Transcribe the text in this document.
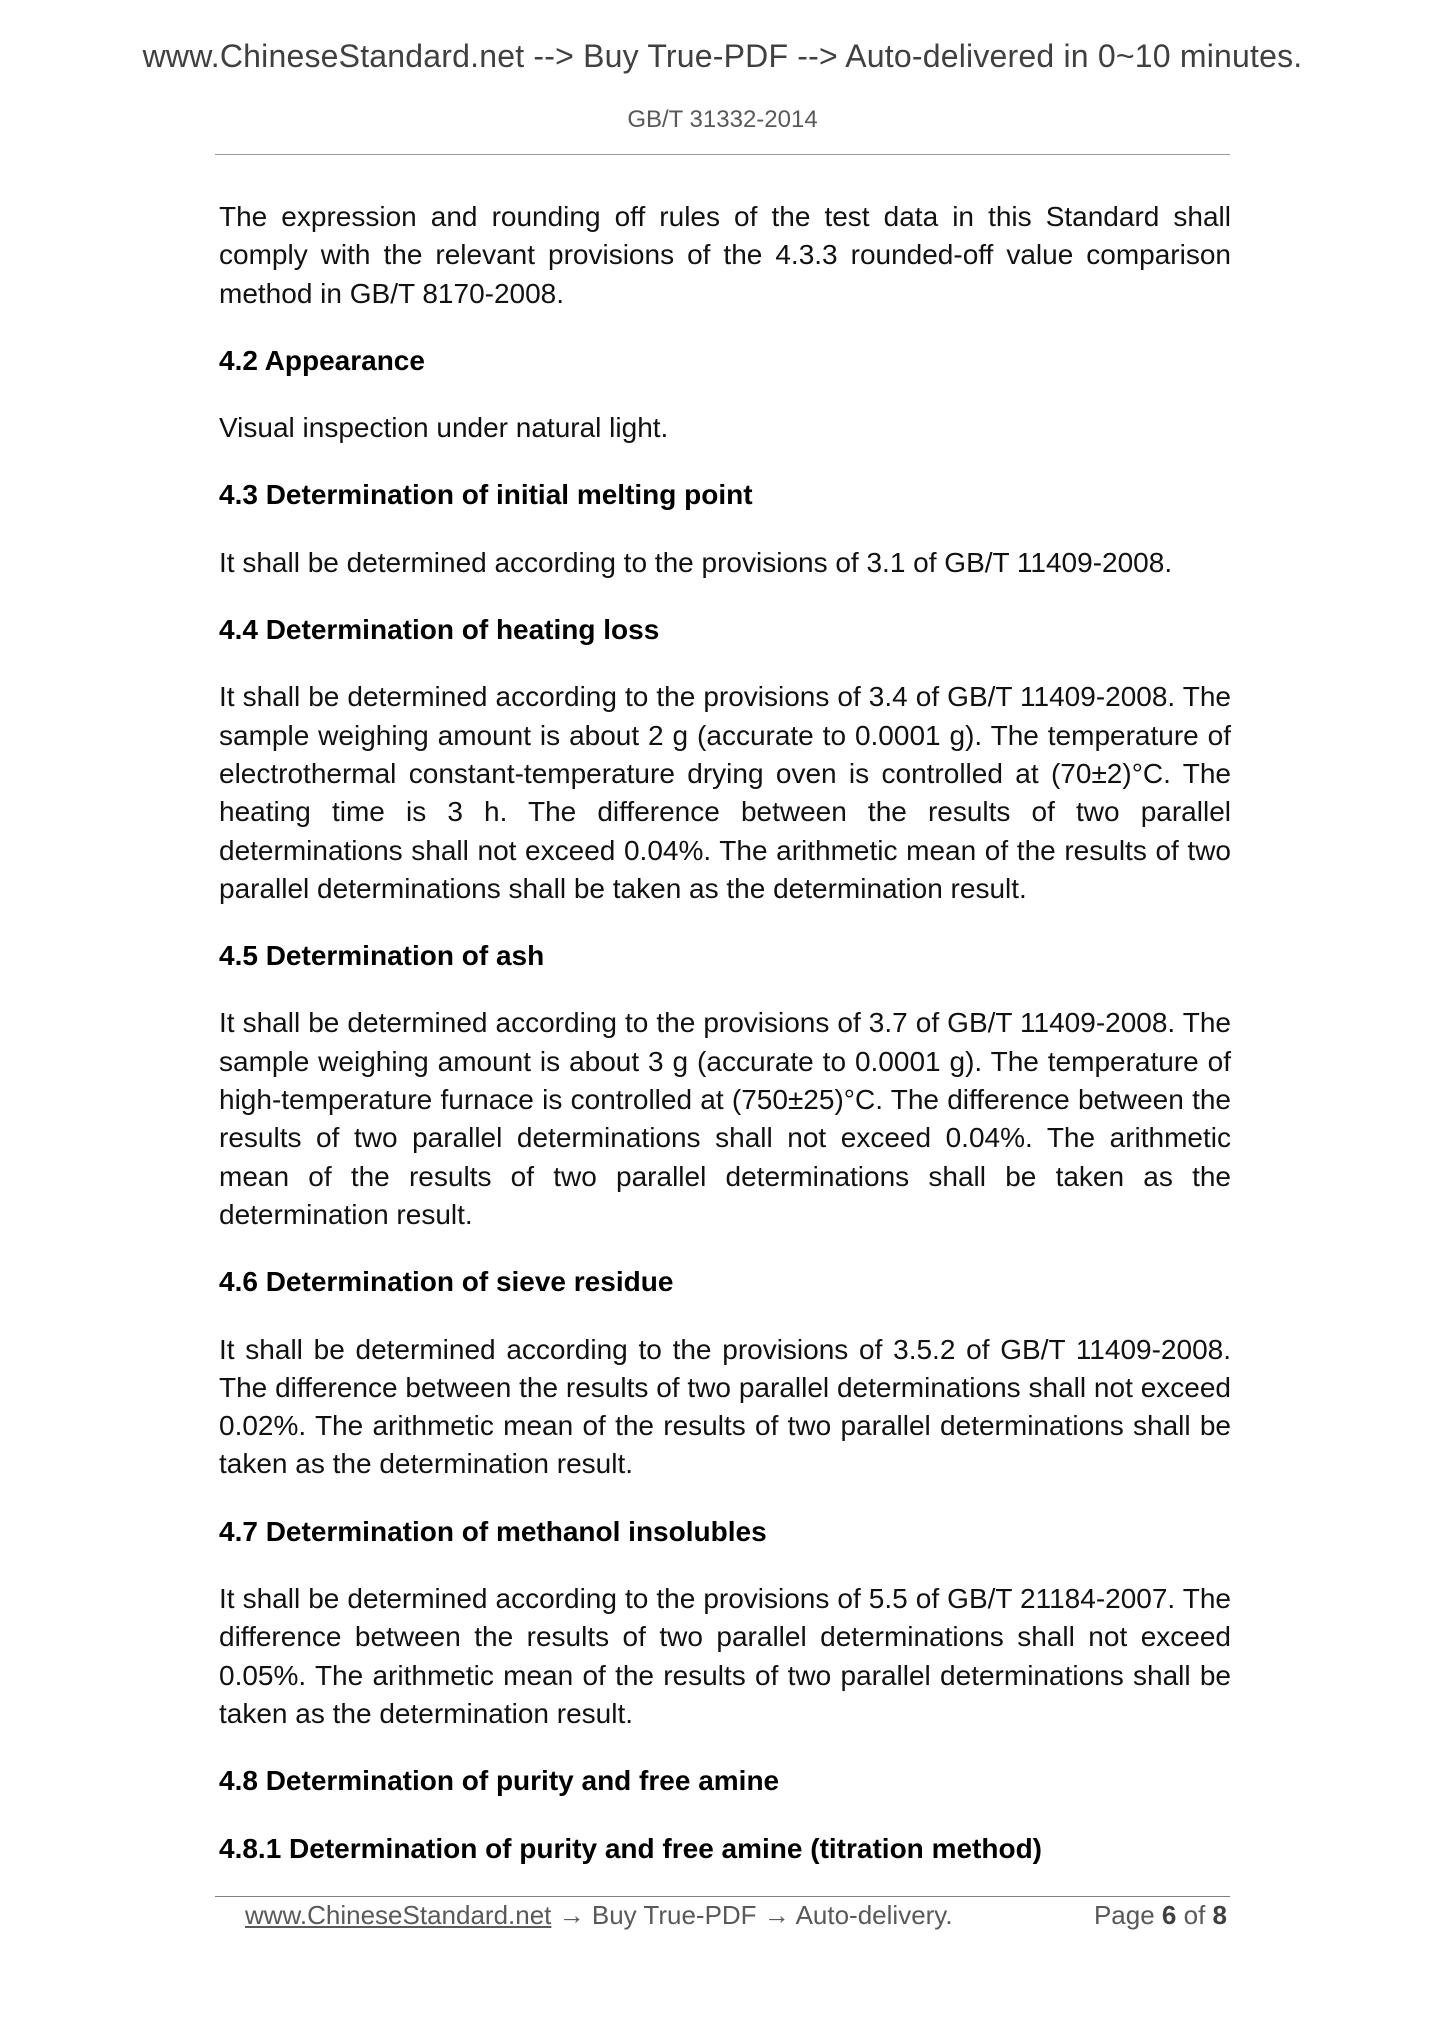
www.ChineseStandard.net --> Buy True-PDF --> Auto-delivered in 0~10 minutes.
GB/T 31332-2014

The expression and rounding off rules of the test data in this Standard shall comply with the relevant provisions of the 4.3.3 rounded-off value comparison method in GB/T 8170-2008.

4.2 Appearance

Visual inspection under natural light.

4.3 Determination of initial melting point

It shall be determined according to the provisions of 3.1 of GB/T 11409-2008.

4.4 Determination of heating loss

It shall be determined according to the provisions of 3.4 of GB/T 11409-2008. The sample weighing amount is about 2 g (accurate to 0.0001 g). The temperature of electrothermal constant-temperature drying oven is controlled at (70±2)°C. The heating time is 3 h. The difference between the results of two parallel determinations shall not exceed 0.04%. The arithmetic mean of the results of two parallel determinations shall be taken as the determination result.

4.5 Determination of ash

It shall be determined according to the provisions of 3.7 of GB/T 11409-2008. The sample weighing amount is about 3 g (accurate to 0.0001 g). The temperature of high-temperature furnace is controlled at (750±25)°C. The difference between the results of two parallel determinations shall not exceed 0.04%. The arithmetic mean of the results of two parallel determinations shall be taken as the determination result.

4.6 Determination of sieve residue

It shall be determined according to the provisions of 3.5.2 of GB/T 11409-2008. The difference between the results of two parallel determinations shall not exceed 0.02%. The arithmetic mean of the results of two parallel determinations shall be taken as the determination result.

4.7 Determination of methanol insolubles

It shall be determined according to the provisions of 5.5 of GB/T 21184-2007. The difference between the results of two parallel determinations shall not exceed 0.05%. The arithmetic mean of the results of two parallel determinations shall be taken as the determination result.

4.8 Determination of purity and free amine
4.8.1 Determination of purity and free amine (titration method)
www.ChineseStandard.net → Buy True-PDF → Auto-delivery.	Page 6 of 8
